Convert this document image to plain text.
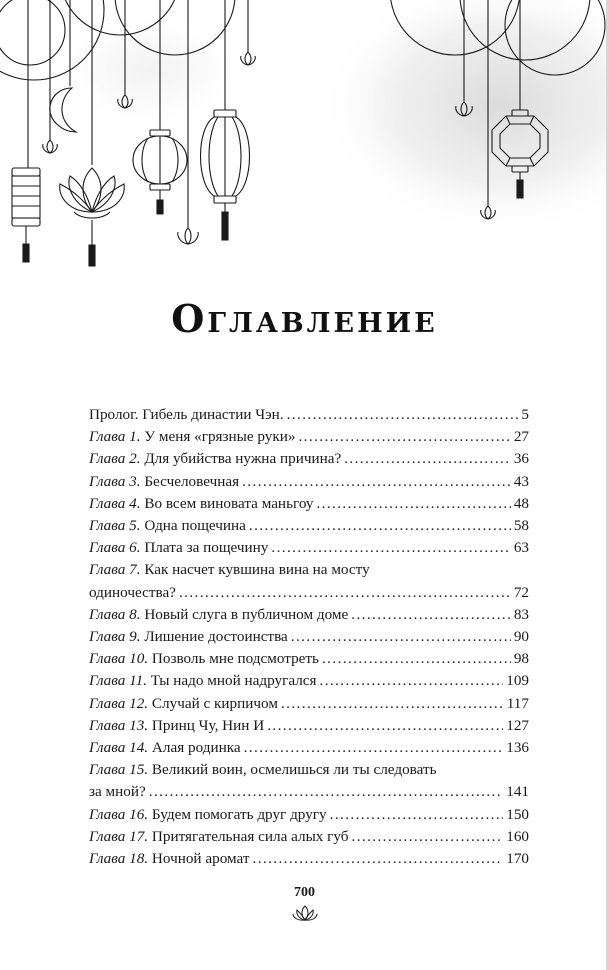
Оглавление
Пролог. Гибель династии Чэн. . . .	5
Глава 1. У меня «грязные руки» . . .	27
Глава 2. Для убийства нужна причина? . . .	36
Глава 3. Бесчеловечная . . .	43
Глава 4. Во всем виновата маньгоу . . .	48
Глава 5. Одна пощечина . . .	58
Глава 6. Плата за пощечину . . .	63
Глава 7. Как насчет кувшина вина на мосту
одиночества? . . .	72
Глава 8. Новый слуга в публичном доме . . .	83
Глава 9. Лишение достоинства . . .	90
Глава 10. Позволь мне подсмотреть . . .	98
Глава 11. Ты надо мной надругался . . .	109
Глава 12. Случай с кирпичом . . .	117
Глава 13. Принц Чу, Нин И . . .	127
Глава 14. Алая родинка . . .	136
Глава 15. Великий воин, осмелишься ли ты следовать
за мной? . . .	141
Глава 16. Будем помогать друг другу . . .	150
Глава 17. Притягательная сила алых губ . . .	160
Глава 18. Ночной аромат . . .	170
700
